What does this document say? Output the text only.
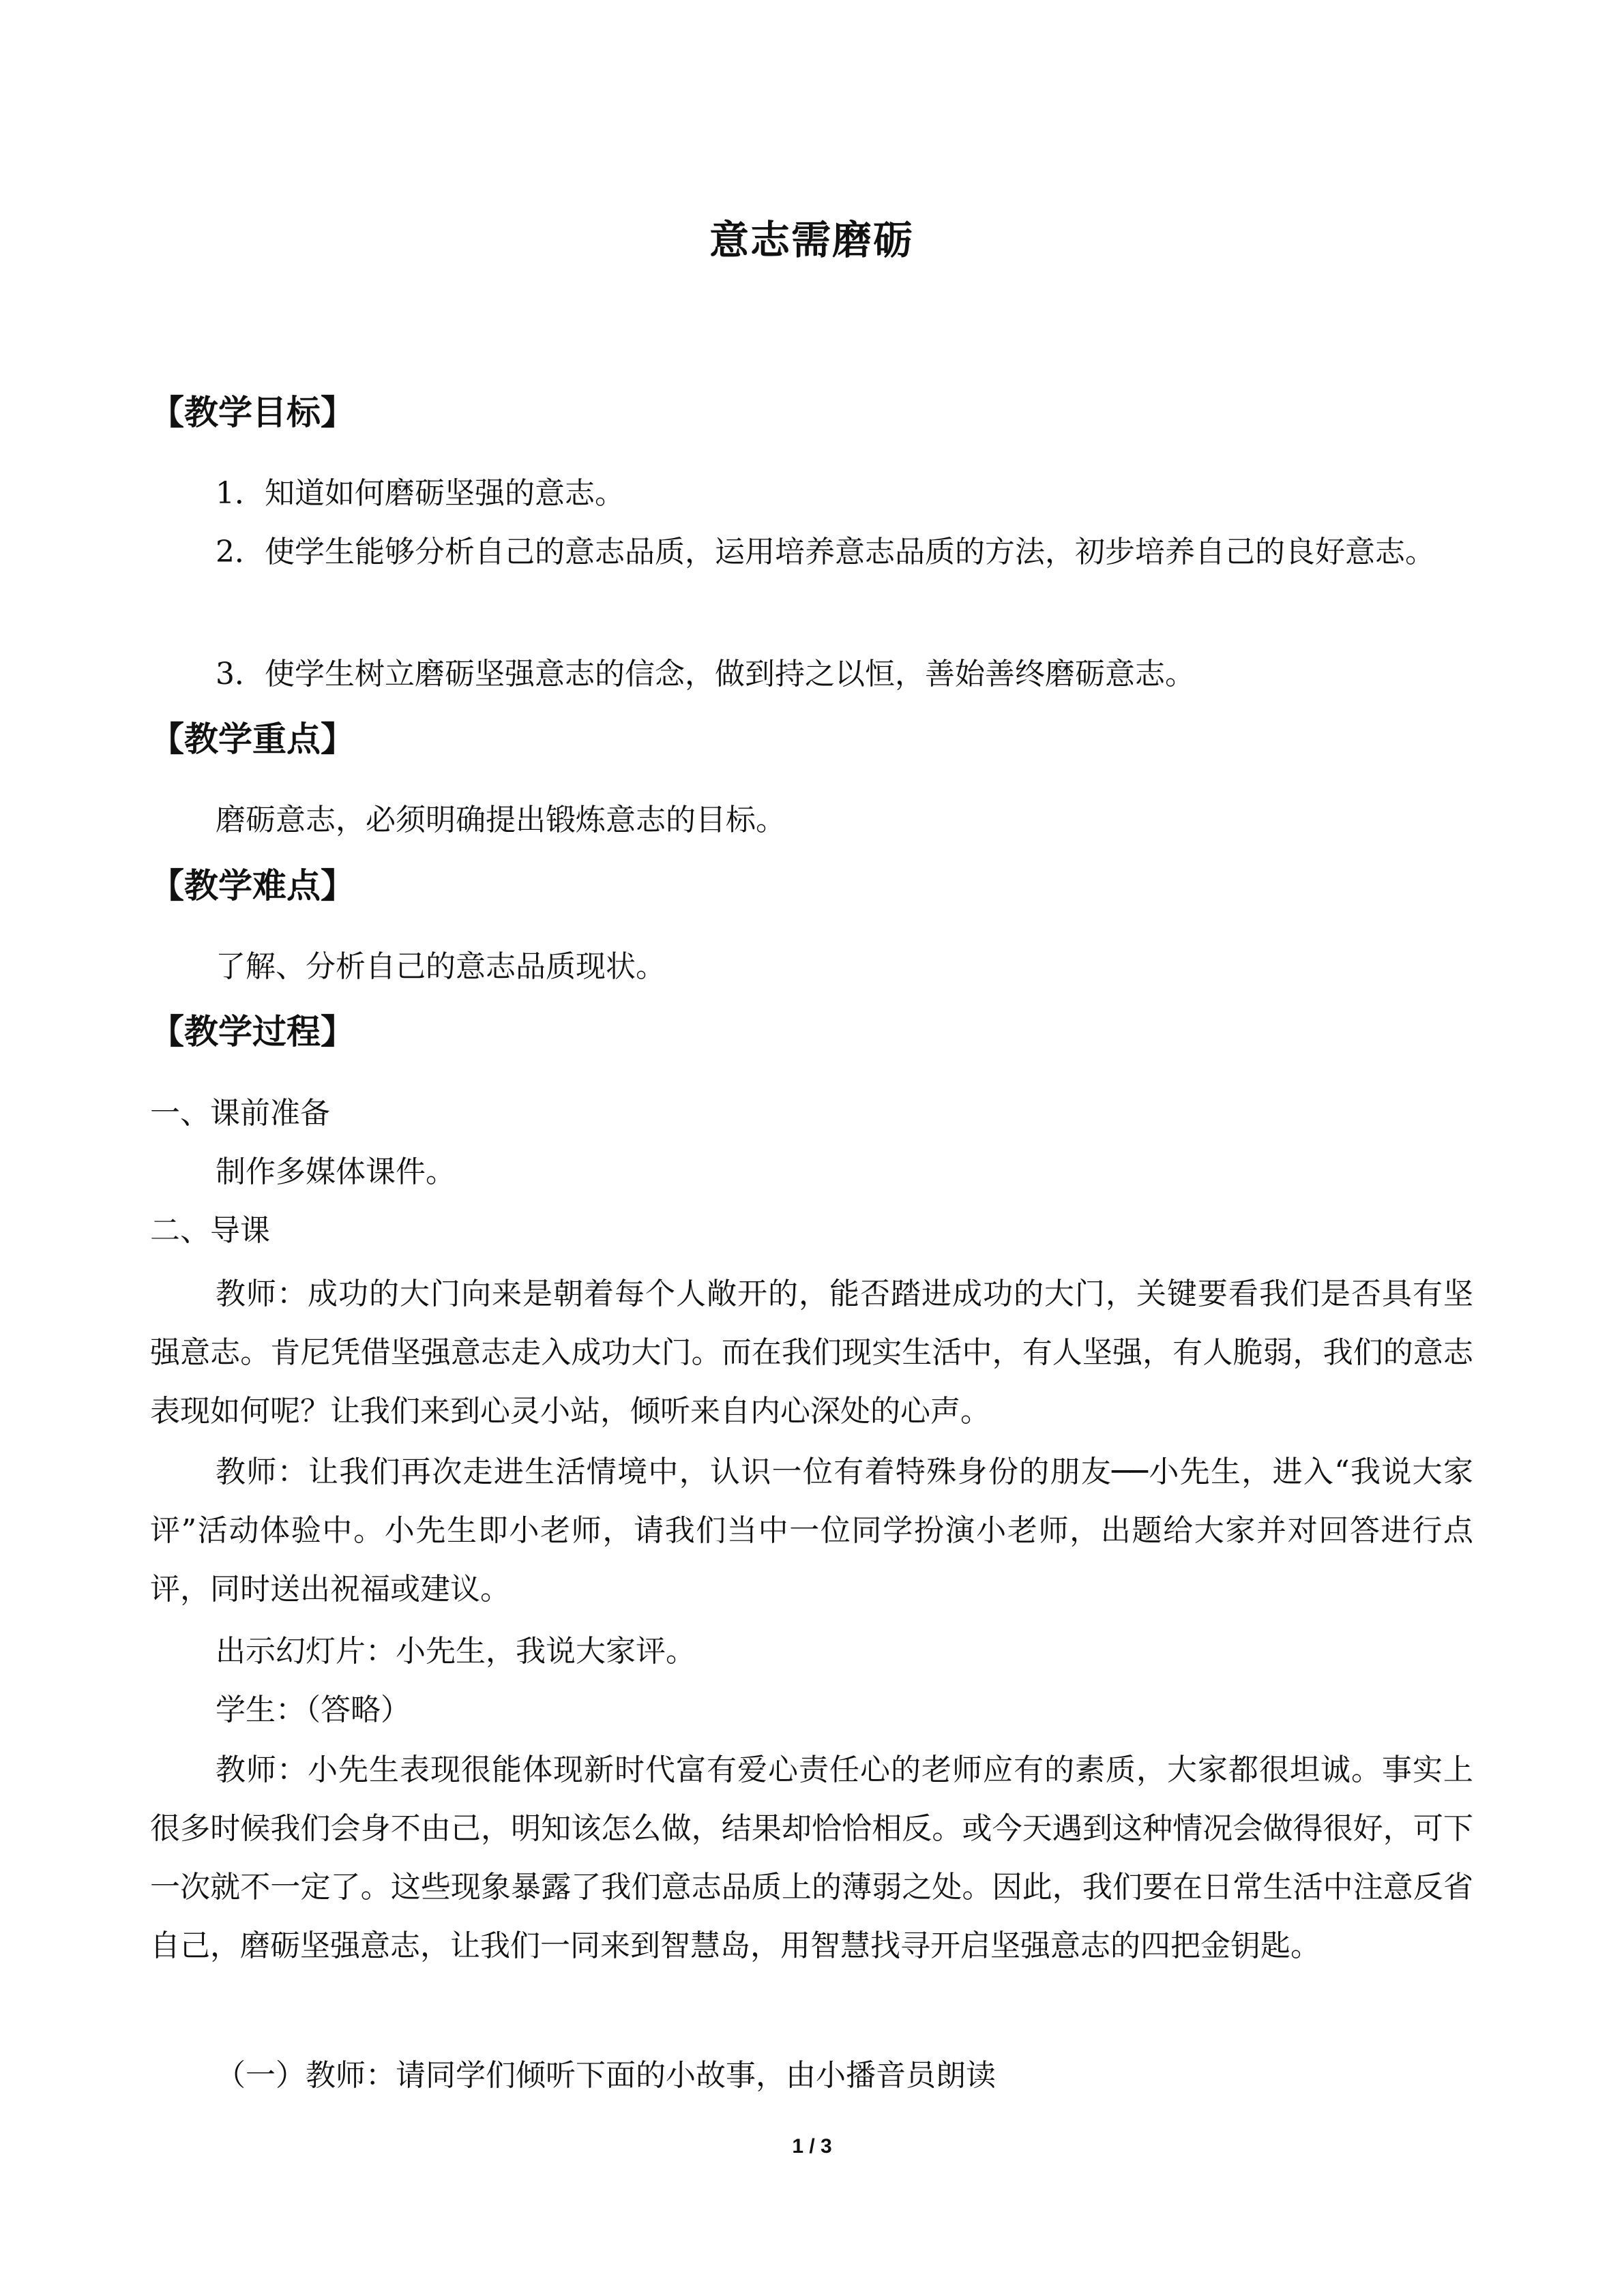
意志需磨砺
【教学目标】

1．知道如何磨砺坚强的意志。

2．使学生能够分析自己的意志品质，运用培养意志品质的方法，初步培养自己的良好意志。

3．使学生树立磨砺坚强意志的信念，做到持之以恒，善始善终磨砺意志。

【教学重点】

磨砺意志，必须明确提出锻炼意志的目标。

【教学难点】

了解、分析自己的意志品质现状。

【教学过程】

一、课前准备

制作多媒体课件。

二、导课

教师：成功的大门向来是朝着每个人敞开的，能否踏进成功的大门，关键要看我们是否具有坚强意志。肯尼凭借坚强意志走入成功大门。而在我们现实生活中，有人坚强，有人脆弱，我们的意志表现如何呢？让我们来到心灵小站，倾听来自内心深处的心声。

教师：让我们再次走进生活情境中，认识一位有着特殊身份的朋友──小先生，进入“我说大家评”活动体验中。小先生即小老师，请我们当中一位同学扮演小老师，出题给大家并对回答进行点评，同时送出祝福或建议。

出示幻灯片：小先生，我说大家评。

学生：（答略）

教师：小先生表现很能体现新时代富有爱心责任心的老师应有的素质，大家都很坦诚。事实上很多时候我们会身不由己，明知该怎么做，结果却恰恰相反。或今天遇到这种情况会做得很好，可下一次就不一定了。这些现象暴露了我们意志品质上的薄弱之处。因此，我们要在日常生活中注意反省自己，磨砺坚强意志，让我们一同来到智慧岛，用智慧找寻开启坚强意志的四把金钥匙。

（一）教师：请同学们倾听下面的小故事，由小播音员朗读

1 / 3
